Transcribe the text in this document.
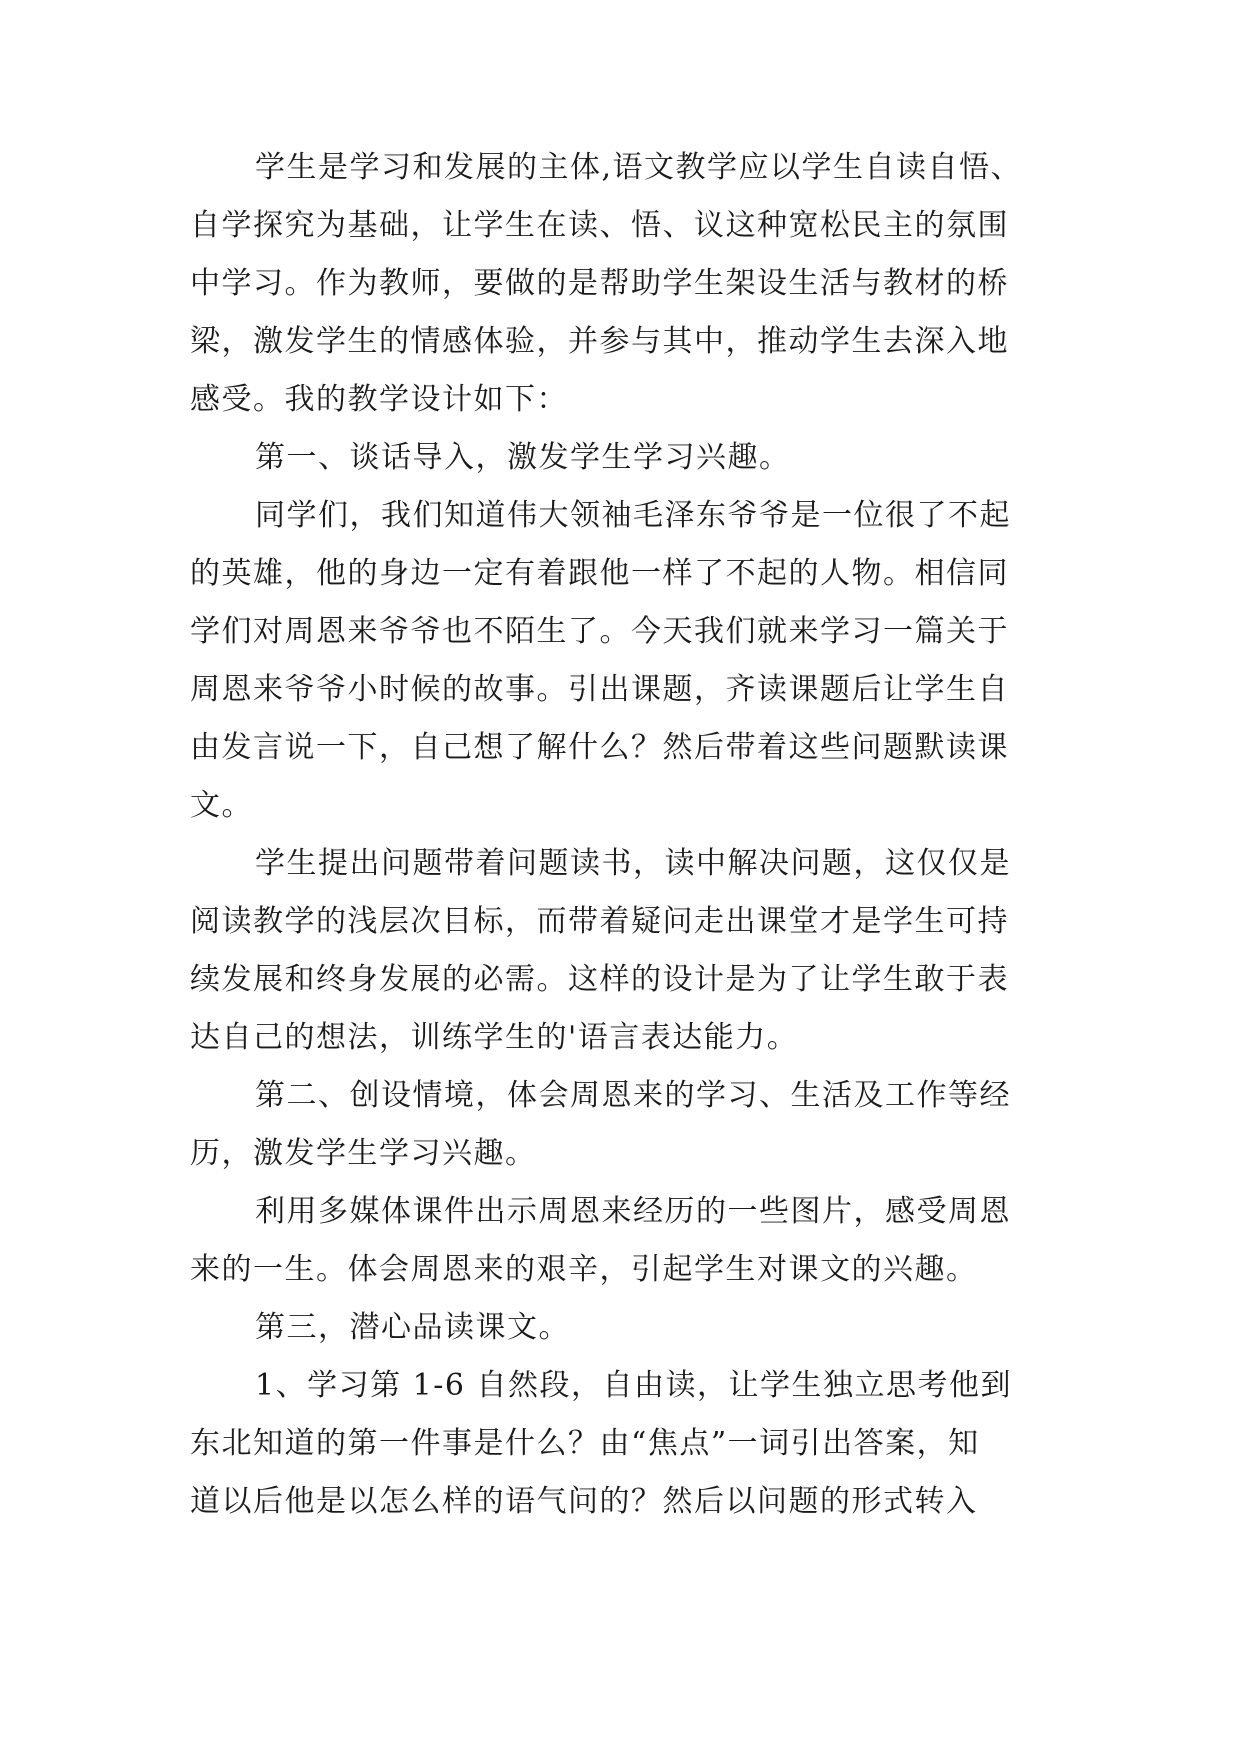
学生是学习和发展的主体,语文教学应以学生自读自悟、
自学探究为基础，让学生在读、悟、议这种宽松民主的氛围
中学习。作为教师，要做的是帮助学生架设生活与教材的桥
梁，激发学生的情感体验，并参与其中，推动学生去深入地
感受。我的教学设计如下：
第一、谈话导入，激发学生学习兴趣。
同学们，我们知道伟大领袖毛泽东爷爷是一位很了不起
的英雄，他的身边一定有着跟他一样了不起的人物。相信同
学们对周恩来爷爷也不陌生了。今天我们就来学习一篇关于
周恩来爷爷小时候的故事。引出课题，齐读课题后让学生自
由发言说一下，自己想了解什么？然后带着这些问题默读课
文。
学生提出问题带着问题读书，读中解决问题，这仅仅是
阅读教学的浅层次目标，而带着疑问走出课堂才是学生可持
续发展和终身发展的必需。这样的设计是为了让学生敢于表
达自己的想法，训练学生的'语言表达能力。
第二、创设情境，体会周恩来的学习、生活及工作等经
历，激发学生学习兴趣。
利用多媒体课件出示周恩来经历的一些图片，感受周恩
来的一生。体会周恩来的艰辛，引起学生对课文的兴趣。
第三，潜心品读课文。
1、学习第 1-6 自然段，自由读，让学生独立思考他到
东北知道的第一件事是什么？由“焦点”一词引出答案，知
道以后他是以怎么样的语气问的？然后以问题的形式转入
